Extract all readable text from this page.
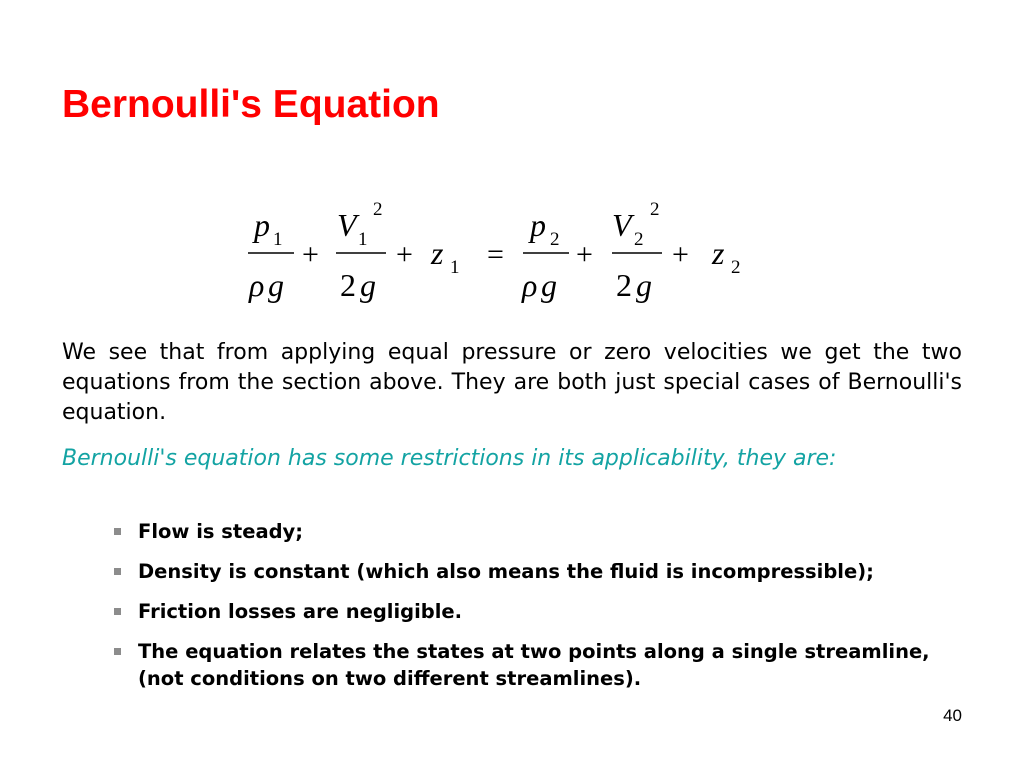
Bernoulli's Equation
p 1
ρ g
+
V 1
2
2 g
+ z 1 =
p 2
ρ g
+
V 2
2
2 g
+ z 2

We see that from applying equal pressure or zero velocities we get the two equations from the section above. They are both just special cases of Bernoulli's equation.

Bernoulli's equation has some restrictions in its applicability, they are:

Flow is steady;
Density is constant (which also means the fluid is incompressible);
Friction losses are negligible.
The equation relates the states at two points along a single streamline, (not conditions on two different streamlines).
40
